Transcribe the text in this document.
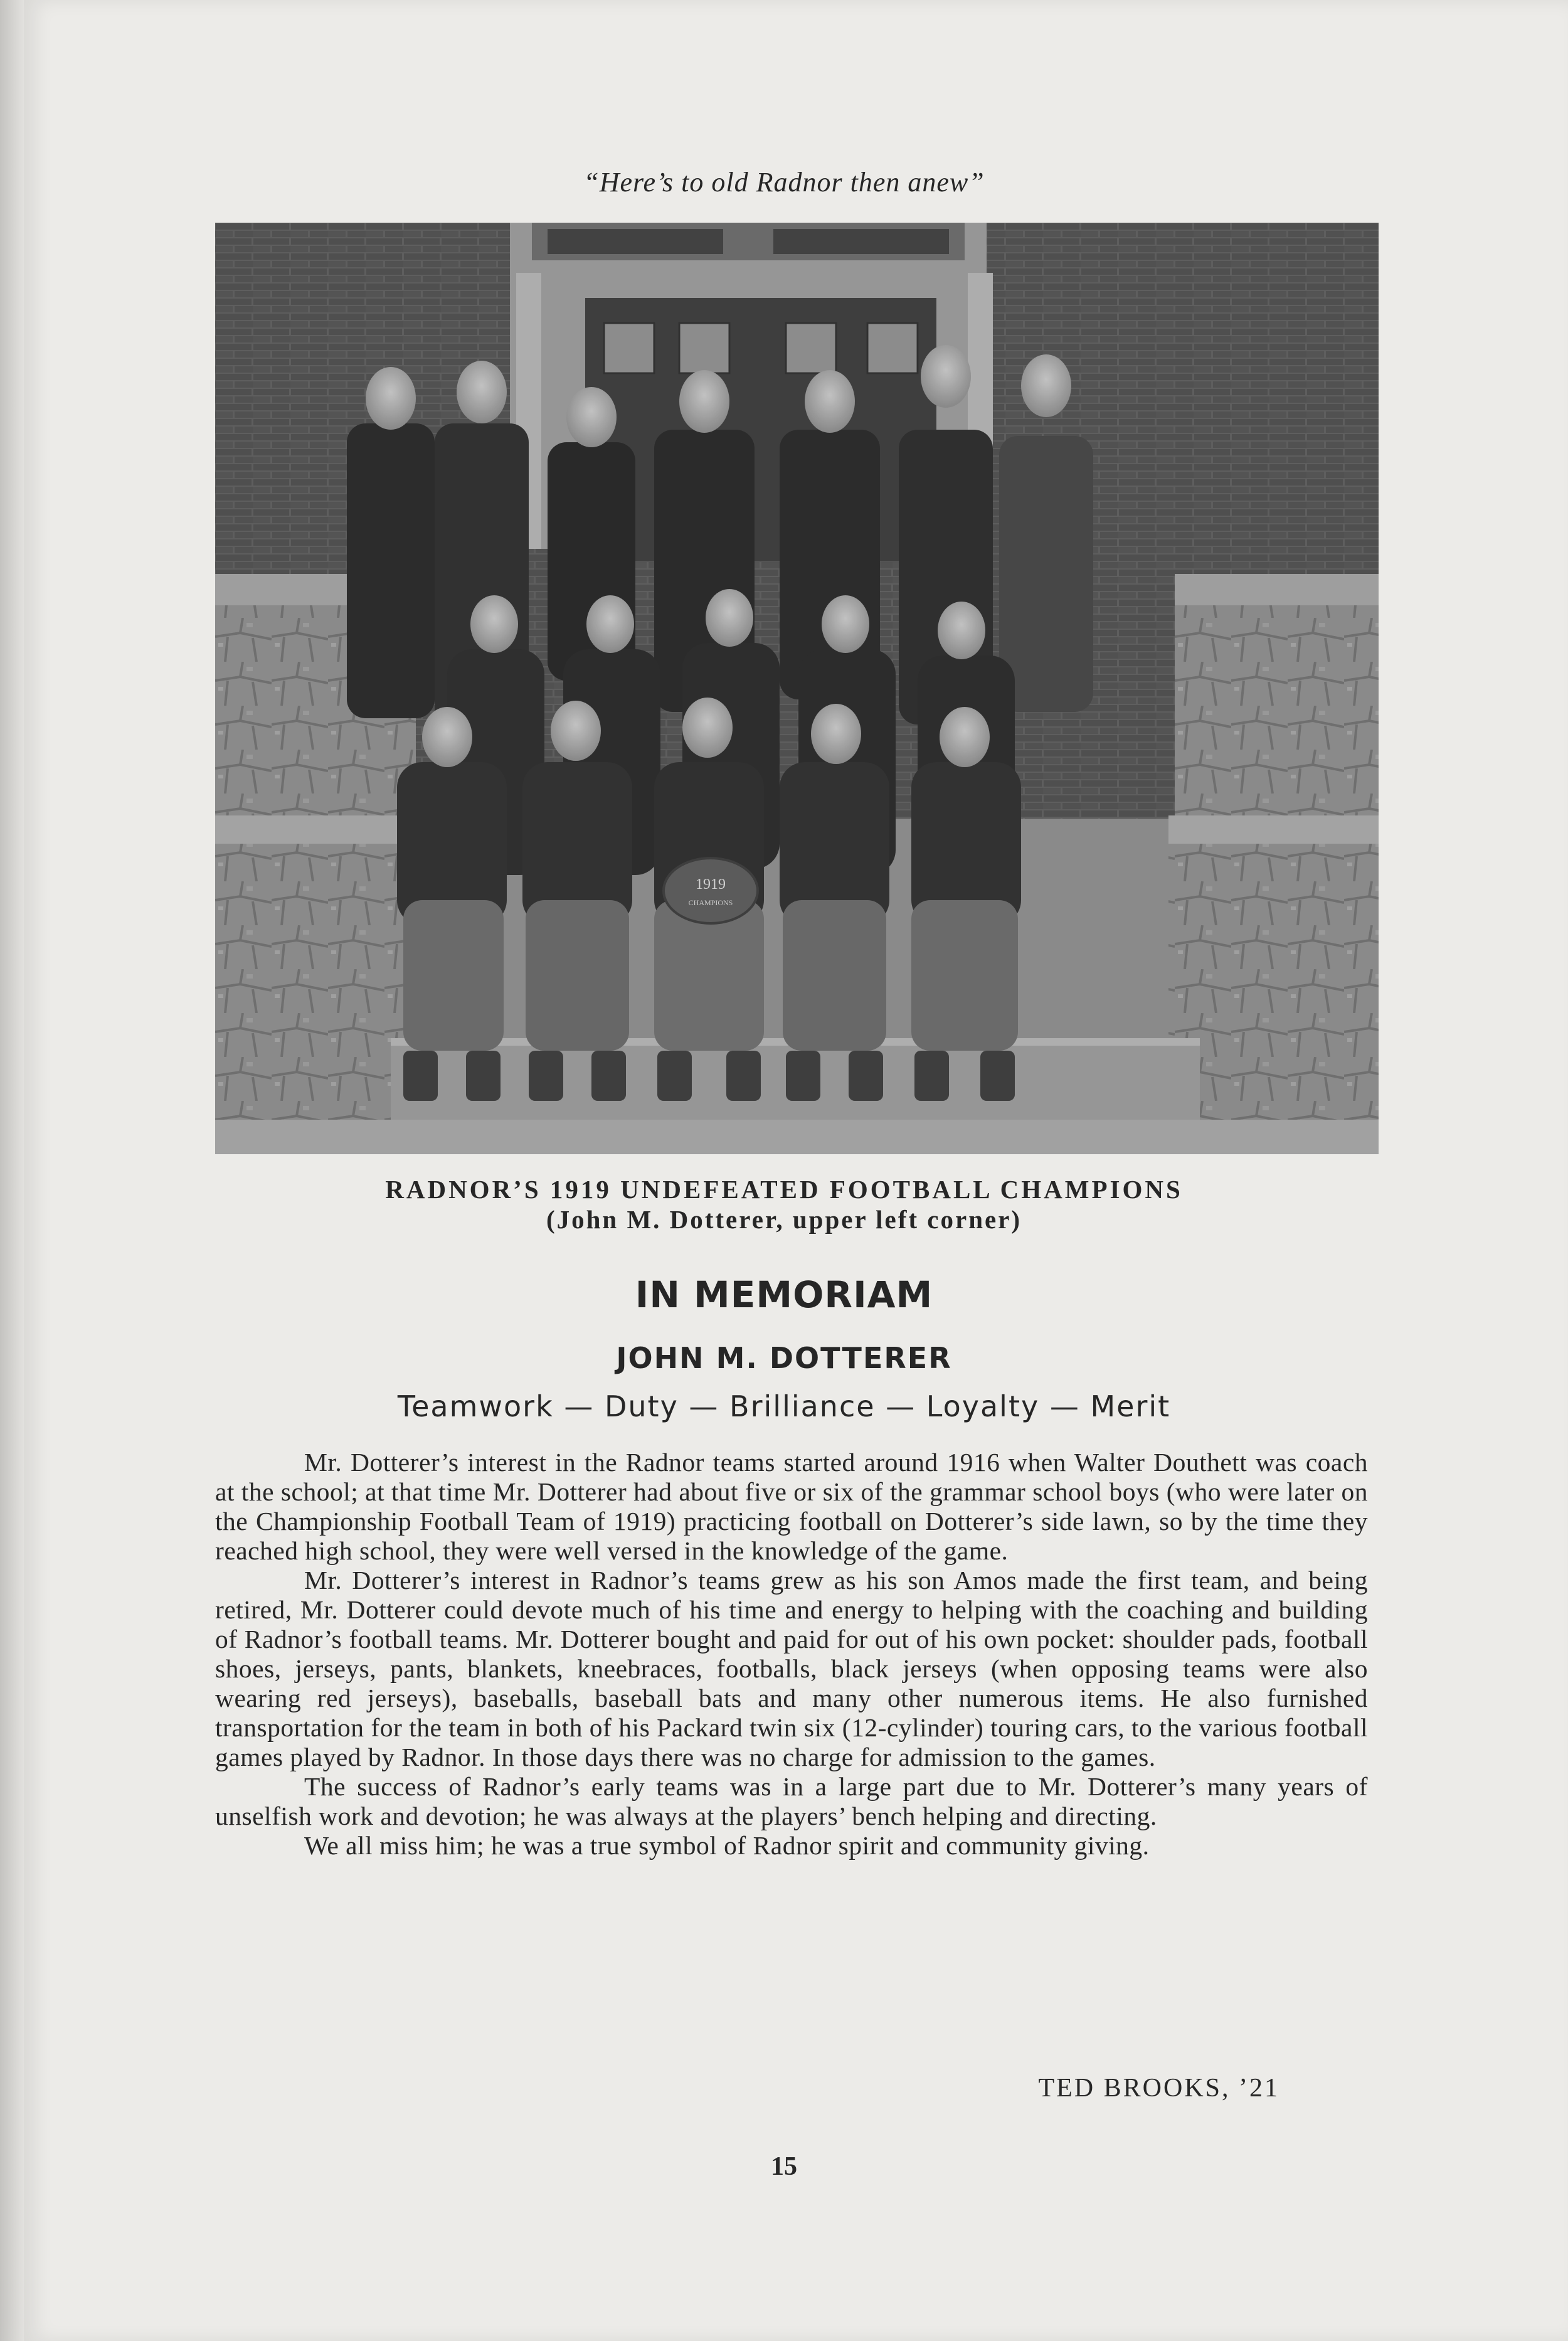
“Here’s to old Radnor then anew”
1919
CHAMPIONS
RADNOR’S 1919 UNDEFEATED FOOTBALL CHAMPIONS
(John M. Dotterer, upper left corner)
IN MEMORIAM
JOHN M. DOTTERER
Teamwork — Duty — Brilliance — Loyalty — Merit

Mr. Dotterer’s interest in the Radnor teams started around 1916 when Walter Douthett was coach at the school; at that time Mr. Dotterer had about five or six of the grammar school boys (who were later on the Championship Football Team of 1919) practicing football on Dotterer’s side lawn, so by the time they reached high school, they were well versed in the knowledge of the game.

Mr. Dotterer’s interest in Radnor’s teams grew as his son Amos made the first team, and being retired, Mr. Dotterer could devote much of his time and energy to helping with the coaching and building of Radnor’s football teams. Mr. Dotterer bought and paid for out of his own pocket: shoulder pads, football shoes, jerseys, pants, blankets, kneebraces, footballs, black jerseys (when opposing teams were also wearing red jerseys), baseballs, baseball bats and many other numerous items. He also furnished transportation for the team in both of his Packard twin six (12-cylinder) touring cars, to the various football games played by Radnor. In those days there was no charge for admission to the games.

The success of Radnor’s early teams was in a large part due to Mr. Dotterer’s many years of unselfish work and devotion; he was always at the players’ bench helping and directing.

We all miss him; he was a true symbol of Radnor spirit and community giving.

TED BROOKS, ’21
15
